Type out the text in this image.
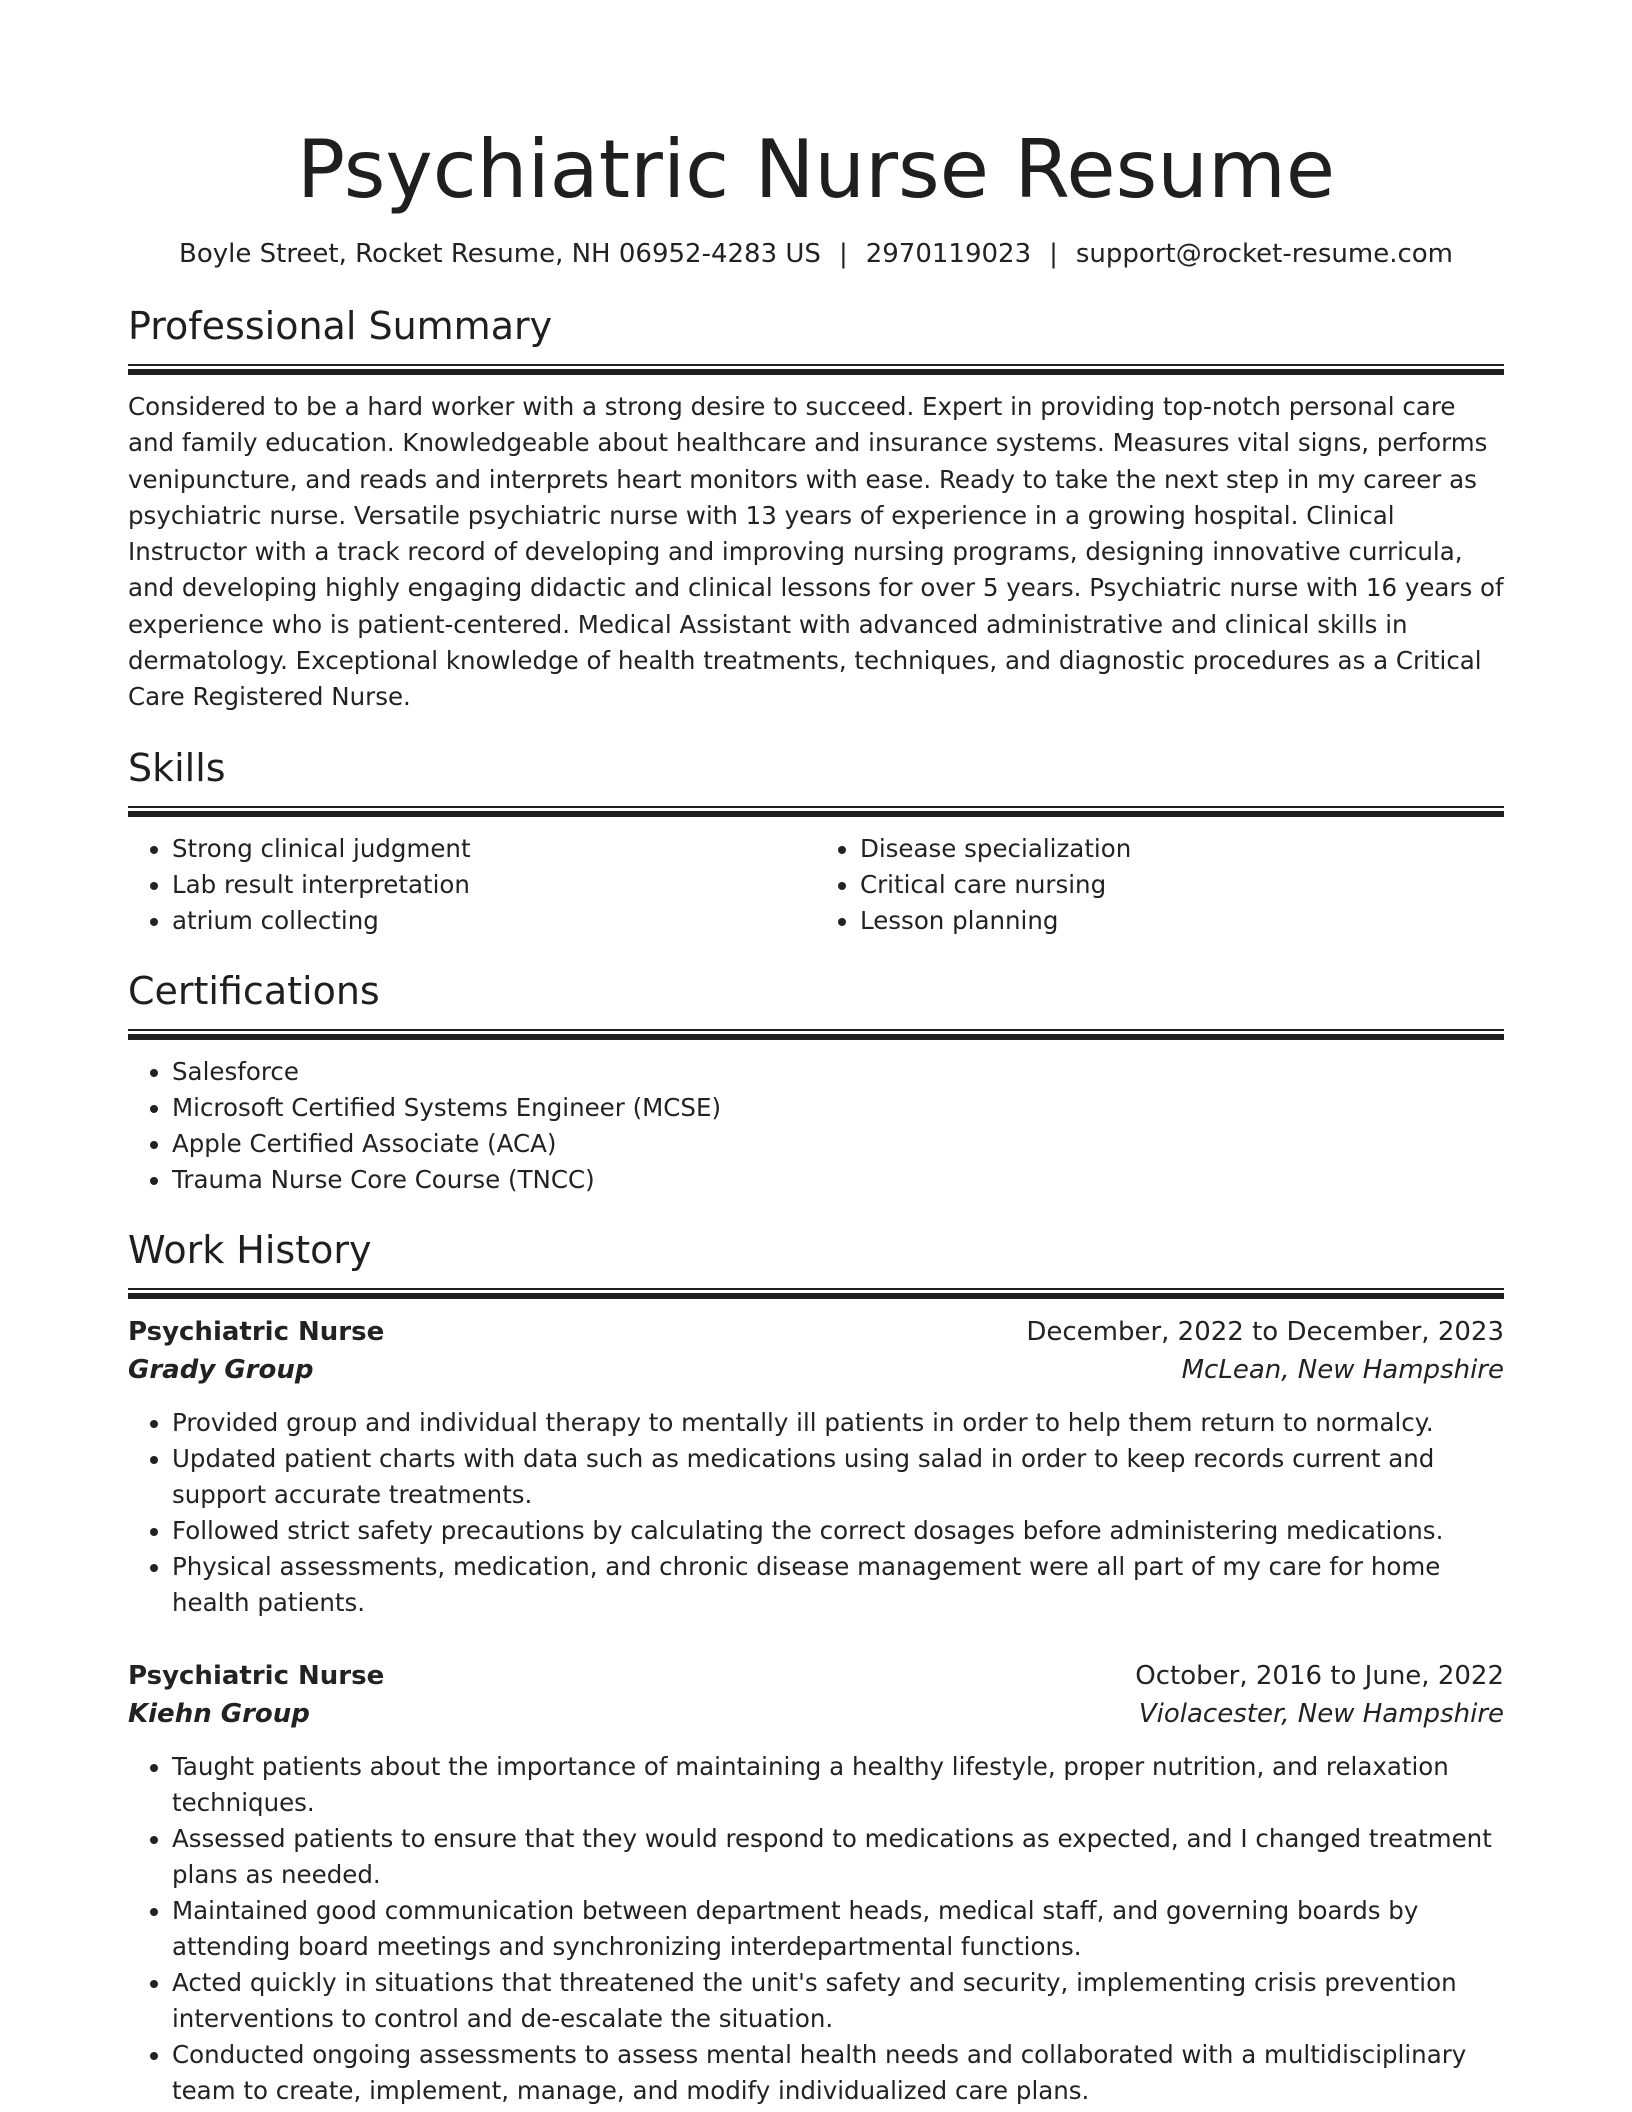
Psychiatric Nurse Resume
Boyle Street, Rocket Resume, NH 06952-4283 US | 2970119023 | support@rocket-resume.com
Professional Summary

Considered to be a hard worker with a strong desire to succeed. Expert in providing top-notch personal care and family education. Knowledgeable about healthcare and insurance systems. Measures vital signs, performs venipuncture, and reads and interprets heart monitors with ease. Ready to take the next step in my career as psychiatric nurse. Versatile psychiatric nurse with 13 years of experience in a growing hospital. Clinical Instructor with a track record of developing and improving nursing programs, designing innovative curricula, and developing highly engaging didactic and clinical lessons for over 5 years. Psychiatric nurse with 16 years of experience who is patient-centered. Medical Assistant with advanced administrative and clinical skills in dermatology. Exceptional knowledge of health treatments, techniques, and diagnostic procedures as a Critical Care Registered Nurse.

Skills
• Strong clinical judgment
• Lab result interpretation
• atrium collecting
• Disease specialization
• Critical care nursing
• Lesson planning
Certifications
• Salesforce
• Microsoft Certified Systems Engineer (MCSE)
• Apple Certified Associate (ACA)
• Trauma Nurse Core Course (TNCC)
Work History
Psychiatric Nurse	December, 2022 to December, 2023
Grady Group	McLean, New Hampshire
• Provided group and individual therapy to mentally ill patients in order to help them return to normalcy.
• Updated patient charts with data such as medications using salad in order to keep records current and support accurate treatments.
• Followed strict safety precautions by calculating the correct dosages before administering medications.
• Physical assessments, medication, and chronic disease management were all part of my care for home health patients.
Psychiatric Nurse	October, 2016 to June, 2022
Kiehn Group	Violacester, New Hampshire
• Taught patients about the importance of maintaining a healthy lifestyle, proper nutrition, and relaxation techniques.
• Assessed patients to ensure that they would respond to medications as expected, and I changed treatment plans as needed.
• Maintained good communication between department heads, medical staff, and governing boards by attending board meetings and synchronizing interdepartmental functions.
• Acted quickly in situations that threatened the unit's safety and security, implementing crisis prevention interventions to control and de-escalate the situation.
• Conducted ongoing assessments to assess mental health needs and collaborated with a multidisciplinary team to create, implement, manage, and modify individualized care plans.
